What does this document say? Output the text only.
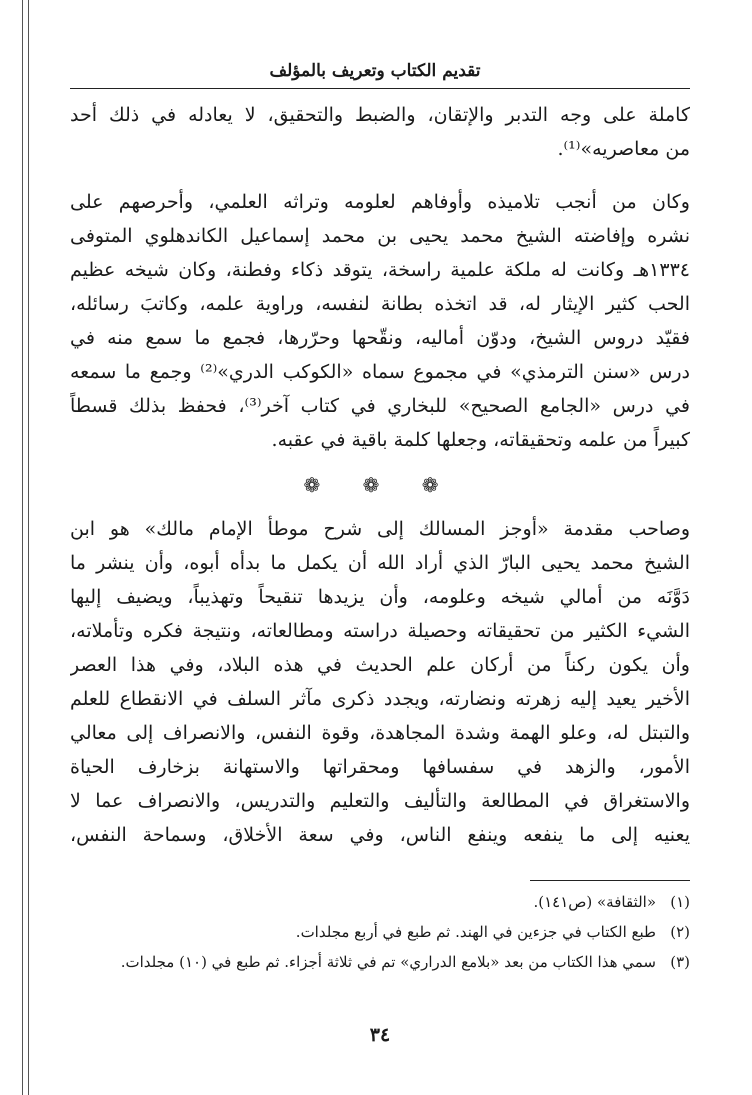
تقديم الكتاب وتعريف بالمؤلف
كاملة على وجه التدبر والإتقان، والضبط والتحقيق، لا يعادله في ذلك أحد
من معاصريه»⁽¹⁾.
وكان من أنجب تلاميذه وأوفاهم لعلومه وتراثه العلمي، وأحرصهم على
نشره وإفاضته الشيخ محمد يحيى بن محمد إسماعيل الكاندهلوي المتوفى
١٣٣٤هـ وكانت له ملكة علمية راسخة، يتوقد ذكاء وفطنة، وكان شيخه عظيم
الحب كثير الإيثار له، قد اتخذه بطانة لنفسه، وراوية علمه، وكاتبَ رسائله،
فقيّد دروس الشيخ، ودوّن أماليه، ونقّحها وحرّرها، فجمع ما سمع منه في
درس «سنن الترمذي» في مجموع سماه «الكوكب الدري»⁽²⁾ وجمع ما سمعه
في درس «الجامع الصحيح» للبخاري في كتاب آخر⁽³⁾، فحفظ بذلك قسطاً
كبيراً من علمه وتحقيقاته، وجعلها كلمة باقية في عقبه.
❁ ❁ ❁
وصاحب مقدمة «أوجز المسالك إلى شرح موطأ الإمام مالك» هو ابن
الشيخ محمد يحيى البارّ الذي أراد الله أن يكمل ما بدأه أبوه، وأن ينشر ما
دَوَّنَه من أمالي شيخه وعلومه، وأن يزيدها تنقيحاً وتهذيباً، ويضيف إليها
الشيء الكثير من تحقيقاته وحصيلة دراسته ومطالعاته، ونتيجة فكره وتأملاته،
وأن يكون ركناً من أركان علم الحديث في هذه البلاد، وفي هذا العصر
الأخير يعيد إليه زهرته ونضارته، ويجدد ذكرى مآثر السلف في الانقطاع للعلم
والتبتل له، وعلو الهمة وشدة المجاهدة، وقوة النفس، والانصراف إلى معالي
الأمور، والزهد في سفسافها ومحقراتها والاستهانة بزخارف الحياة
والاستغراق في المطالعة والتأليف والتعليم والتدريس، والانصراف عما لا
يعنيه إلى ما ينفعه وينفع الناس، وفي سعة الأخلاق، وسماحة النفس،
(١)
«الثقافة» (ص١٤١).
(٢)
طبع الكتاب في جزءين في الهند. ثم طبع في أربع مجلدات.
(٣)
سمي هذا الكتاب من بعد «بلامع الدراري» تم في ثلاثة أجزاء. ثم طبع في (١٠) مجلدات.
٣٤
